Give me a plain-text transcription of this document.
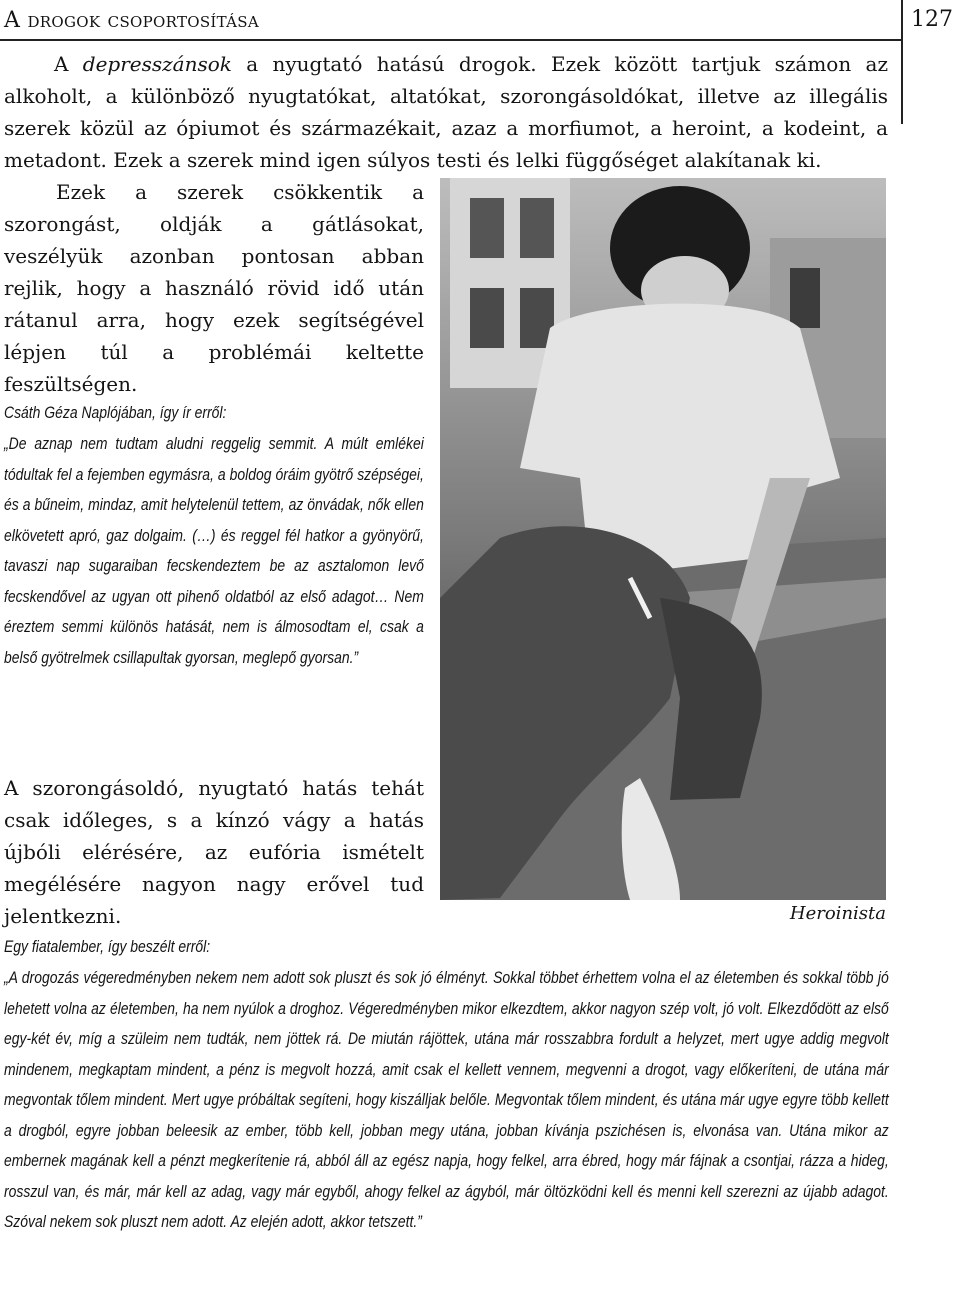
A drogok csoportosítása	127

A depresszánsok a nyugtató hatású drogok. Ezek között tartjuk számon az alkoholt, a különböző nyugtatókat, altatókat, szorongásoldókat, illetve az illegális szerek közül az ópiumot és származékait, azaz a morfiumot, a heroint, a kodeint, a metadont. Ezek a szerek mind igen súlyos testi és lelki függőséget alakítanak ki.

Ezek a szerek csökkentik a szorongást, oldják a gátlásokat, veszélyük azonban pontosan abban rejlik, hogy a használó rövid idő után rátanul arra, hogy ezek segítségével lépjen túl a problémái keltette feszültségen.

Csáth Géza Naplójában, így ír erről:

„De aznap nem tudtam aludni reggelig semmit. A múlt emlékei tódultak fel a fejemben egymásra, a boldog óráim gyötrő szépségei, és a bűneim, mindaz, amit helytelenül tettem, az önvádak, nők ellen elkövetett apró, gaz dolgaim. (…) és reggel fél hatkor a gyönyörű, tavaszi nap sugaraiban fecskendeztem be az asztalomon levő fecskendővel az ugyan ott pihenő oldatból az első adagot… Nem éreztem semmi különös hatását, nem is álmosodtam el, csak a belső gyötrelmek csillapultak gyorsan, meglepő gyorsan.”

A szorongásoldó, nyugtató hatás tehát csak időleges, s a kínzó vágy a hatás újbóli elérésére, az eufória ismételt megélésére nagyon nagy erővel tud jelentkezni.	Heroinista

Egy fiatalember, így beszélt erről:

„A drogozás végeredményben nekem nem adott sok pluszt és sok jó élményt. Sokkal többet érhettem volna el az életemben és sokkal több jó lehetett volna az életemben, ha nem nyúlok a droghoz. Végeredményben mikor elkezdtem, akkor nagyon szép volt, jó volt. Elkezdődött az első egy-két év, míg a szüleim nem tudták, nem jöttek rá. De miután rájöttek, utána már rosszabbra fordult a helyzet, mert ugye addig megvolt mindenem, megkaptam mindent, a pénz is megvolt hozzá, amit csak el kellett vennem, megvenni a drogot, vagy előkeríteni, de utána már megvontak tőlem mindent. Mert ugye próbáltak segíteni, hogy kiszálljak belőle. Megvontak tőlem mindent, és utána már ugye egyre több kellett a drogból, egyre jobban beleesik az ember, több kell, jobban megy utána, jobban kívánja pszichésen is, elvonása van. Utána mikor az embernek magának kell a pénzt megkerítenie rá, abból áll az egész napja, hogy felkel, arra ébred, hogy már fájnak a csontjai, rázza a hideg, rosszul van, és már, már kell az adag, vagy már egyből, ahogy felkel az ágyból, már öltözködni kell és menni kell szerezni az újabb adagot. Szóval nekem sok pluszt nem adott. Az elején adott, akkor tetszett.”
